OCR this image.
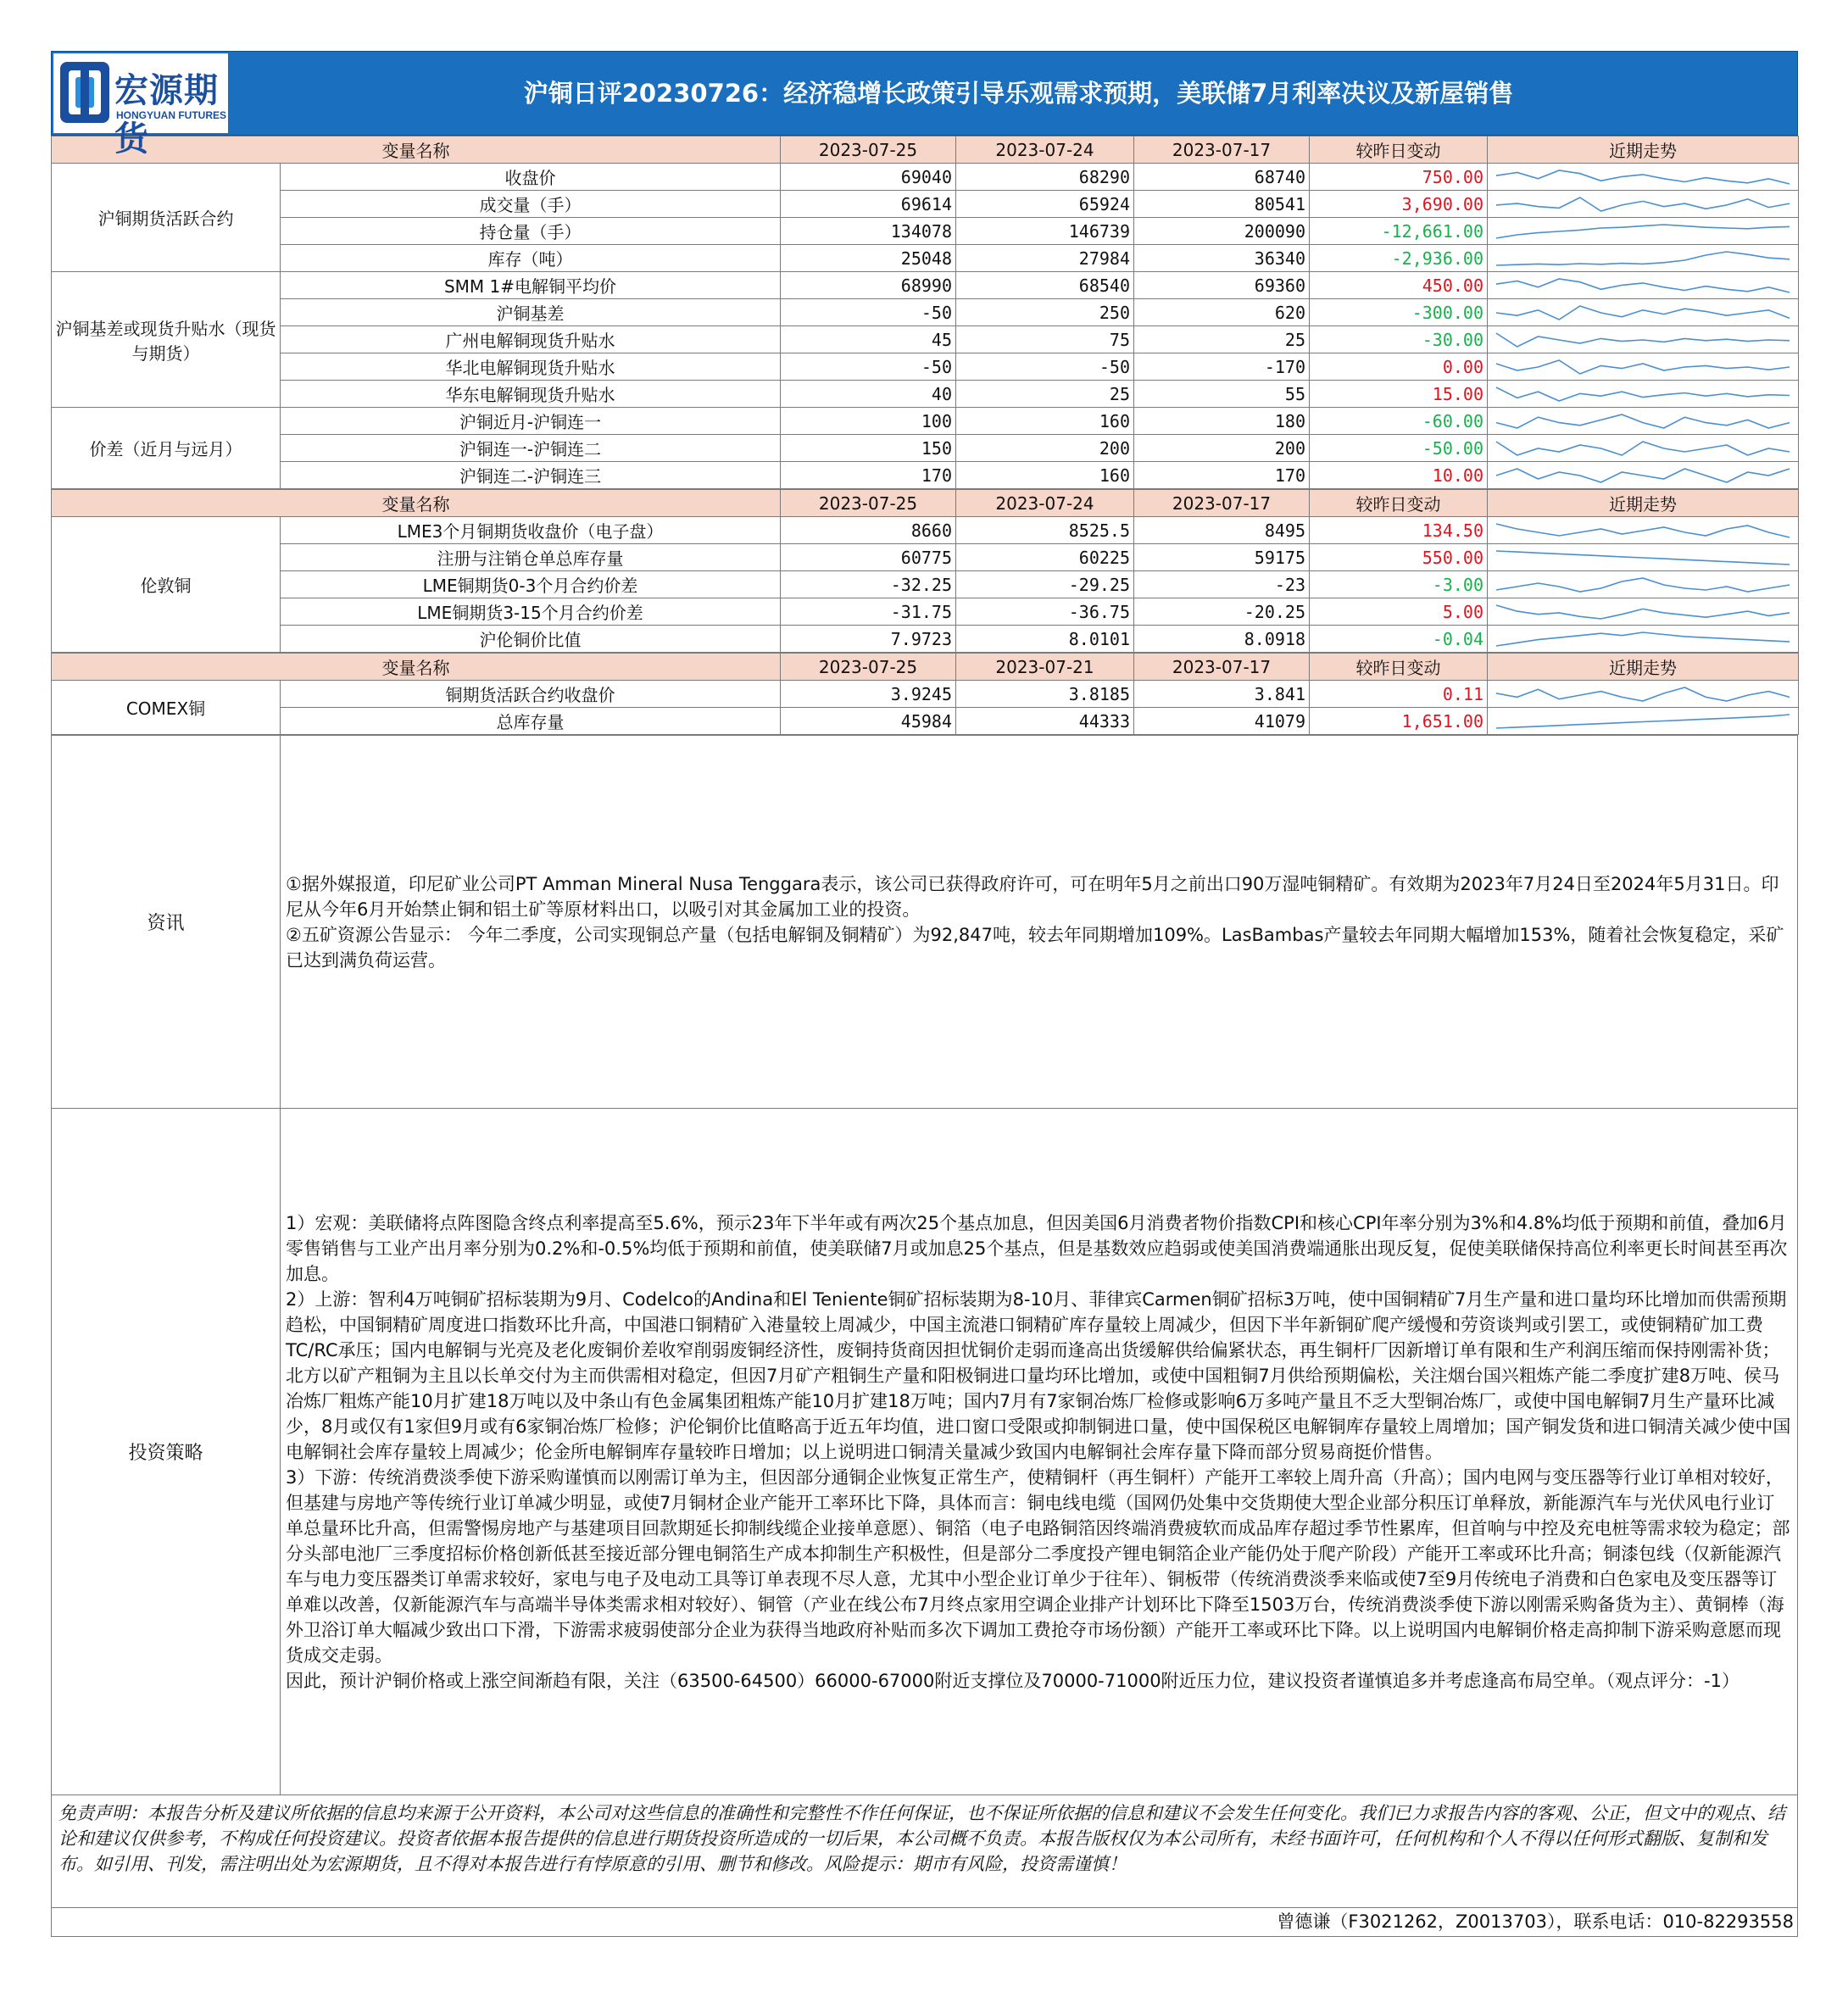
宏源期货
HONGYUAN FUTURES
沪铜日评20230726：经济稳增长政策引导乐观需求预期，美联储7月利率决议及新屋销售
变量名称		2023-07-25	2023-07-24	2023-07-17	较昨日变动	近期走势
沪铜期货活跃合约	收盘价	69040	68290	68740	750.00	

	成交量（手）	69614	65924	80541	3,690.00	

	持仓量（手）	134078	146739	200090	-12,661.00	

	库存（吨）	25048	27984	36340	-2,936.00	

沪铜基差或现货升贴水（现货与期货）	SMM 1#电解铜平均价	68990	68540	69360	450.00	

	沪铜基差	-50	250	620	-300.00	

	广州电解铜现货升贴水	45	75	25	-30.00	

	华北电解铜现货升贴水	-50	-50	-170	0.00	

	华东电解铜现货升贴水	40	25	55	15.00	

价差（近月与远月）	沪铜近月-沪铜连一	100	160	180	-60.00	

	沪铜连一-沪铜连二	150	200	200	-50.00	

	沪铜连二-沪铜连三	170	160	170	10.00	
变量名称		2023-07-25	2023-07-24	2023-07-17	较昨日变动	近期走势
伦敦铜	LME3个月铜期货收盘价（电子盘）	8660	8525.5	8495	134.50	

	注册与注销仓单总库存量	60775	60225	59175	550.00	

	LME铜期货0-3个月合约价差	-32.25	-29.25	-23	-3.00	

	LME铜期货3-15个月合约价差	-31.75	-36.75	-20.25	5.00	

	沪伦铜价比值	7.9723	8.0101	8.0918	-0.04	
变量名称		2023-07-25	2023-07-21	2023-07-17	较昨日变动	近期走势
COMEX铜	铜期货活跃合约收盘价	3.9245	3.8185	3.841	0.11	

	总库存量	45984	44333	41079	1,651.00	
资讯	①据外媒报道，印尼矿业公司PT Amman Mineral Nusa Tenggara表示，该公司已获得政府许可，可在明年5月之前出口90万湿吨铜精矿。有效期为2023年7月24日至2024年5月31日。印尼从今年6月开始禁止铜和铝土矿等原材料出口，以吸引对其金属加工业的投资。
②五矿资源公告显示： 今年二季度，公司实现铜总产量（包括电解铜及铜精矿）为92,847吨，较去年同期增加109%。LasBambas产量较去年同期大幅增加153%，随着社会恢复稳定，采矿已达到满负荷运营。
投资策略	1）宏观：美联储将点阵图隐含终点利率提高至5.6%，预示23年下半年或有两次25个基点加息，但因美国6月消费者物价指数CPI和核心CPI年率分别为3%和4.8%均低于预期和前值，叠加6月零售销售与工业产出月率分别为0.2%和-0.5%均低于预期和前值，使美联储7月或加息25个基点，但是基数效应趋弱或使美国消费端通胀出现反复，促使美联储保持高位利率更长时间甚至再次加息。
2）上游：智利4万吨铜矿招标装期为9月、Codelco的Andina和El Teniente铜矿招标装期为8-10月、菲律宾Carmen铜矿招标3万吨，使中国铜精矿7月生产量和进口量均环比增加而供需预期趋松，中国铜精矿周度进口指数环比升高，中国港口铜精矿入港量较上周减少，中国主流港口铜精矿库存量较上周减少，但因下半年新铜矿爬产缓慢和劳资谈判或引罢工，或使铜精矿加工费TC/RC承压；国内电解铜与光亮及老化废铜价差收窄削弱废铜经济性，废铜持货商因担忧铜价走弱而逢高出货缓解供给偏紧状态，再生铜杆厂因新增订单有限和生产利润压缩而保持刚需补货；北方以矿产粗铜为主且以长单交付为主而供需相对稳定，但因7月矿产粗铜生产量和阳极铜进口量均环比增加，或使中国粗铜7月供给预期偏松，关注烟台国兴粗炼产能二季度扩建8万吨、侯马冶炼厂粗炼产能10月扩建18万吨以及中条山有色金属集团粗炼产能10月扩建18万吨；国内7月有7家铜冶炼厂检修或影响6万多吨产量且不乏大型铜冶炼厂，或使中国电解铜7月生产量环比减少，8月或仅有1家但9月或有6家铜冶炼厂检修；沪伦铜价比值略高于近五年均值，进口窗口受限或抑制铜进口量，使中国保税区电解铜库存量较上周增加；国产铜发货和进口铜清关减少使中国电解铜社会库存量较上周减少；伦金所电解铜库存量较昨日增加；以上说明进口铜清关量减少致国内电解铜社会库存量下降而部分贸易商挺价惜售。
3）下游：传统消费淡季使下游采购谨慎而以刚需订单为主，但因部分通铜企业恢复正常生产，使精铜杆（再生铜杆）产能开工率较上周升高（升高）；国内电网与变压器等行业订单相对较好，但基建与房地产等传统行业订单减少明显，或使7月铜材企业产能开工率环比下降，具体而言：铜电线电缆（国网仍处集中交货期使大型企业部分积压订单释放，新能源汽车与光伏风电行业订单总量环比升高，但需警惕房地产与基建项目回款期延长抑制线缆企业接单意愿）、铜箔（电子电路铜箔因终端消费疲软而成品库存超过季节性累库，但首响与中控及充电桩等需求较为稳定；部分头部电池厂三季度招标价格创新低甚至接近部分锂电铜箔生产成本抑制生产积极性，但是部分二季度投产锂电铜箔企业产能仍处于爬产阶段）产能开工率或环比升高；铜漆包线（仅新能源汽车与电力变压器类订单需求较好，家电与电子及电动工具等订单表现不尽人意，尤其中小型企业订单少于往年）、铜板带（传统消费淡季来临或使7至9月传统电子消费和白色家电及变压器等订单难以改善，仅新能源汽车与高端半导体类需求相对较好）、铜管（产业在线公布7月终点家用空调企业排产计划环比下降至1503万台，传统消费淡季使下游以刚需采购备货为主）、黄铜棒（海外卫浴订单大幅减少致出口下滑，下游需求疲弱使部分企业为获得当地政府补贴而多次下调加工费抢夺市场份额）产能开工率或环比下降。以上说明国内电解铜价格走高抑制下游采购意愿而现货成交走弱。
因此，预计沪铜价格或上涨空间渐趋有限，关注（63500-64500）66000-67000附近支撑位及70000-71000附近压力位，建议投资者谨慎追多并考虑逢高布局空单。（观点评分：-1）
免责声明：本报告分析及建议所依据的信息均来源于公开资料，本公司对这些信息的准确性和完整性不作任何保证，也不保证所依据的信息和建议不会发生任何变化。我们已力求报告内容的客观、公正，但文中的观点、结论和建议仅供参考，不构成任何投资建议。投资者依据本报告提供的信息进行期货投资所造成的一切后果，本公司概不负责。本报告版权仅为本公司所有，未经书面许可，任何机构和个人不得以任何形式翻版、复制和发布。如引用、刊发，需注明出处为宏源期货，且不得对本报告进行有悖原意的引用、删节和修改。风险提示：期市有风险，投资需谨慎！
曾德谦（F3021262，Z0013703），联系电话：010-82293558
